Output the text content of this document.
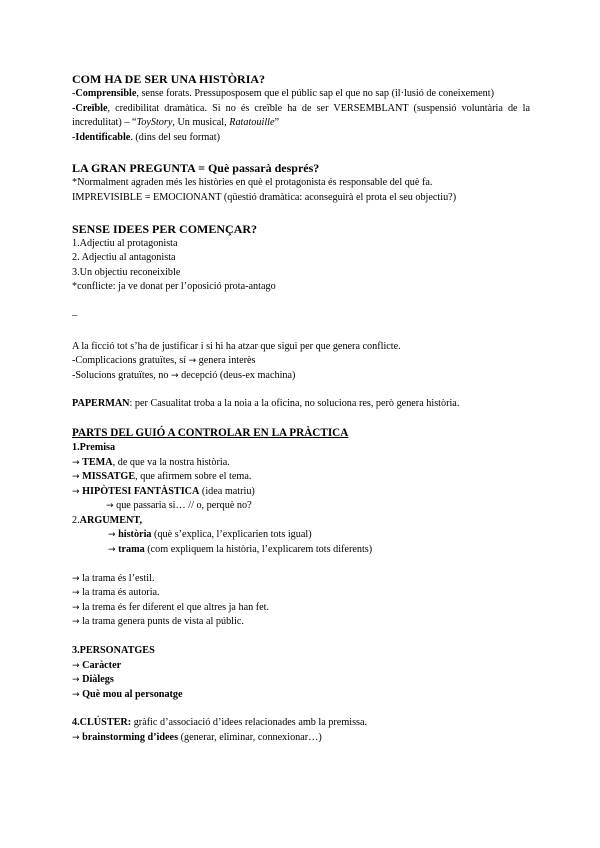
COM HA DE SER UNA HISTÒRIA?

-Comprensible, sense forats. Pressuposposem que el públic sap el que no sap (il·lusió de coneixement)

-Creïble, credibilitat dramàtica. Si no és creïble ha de ser VERSEMBLANT (suspensió voluntària de la incredulitat) – “ToyStory, Un musical, Ratatouille”

-Identificable. (dins del seu format)

LA GRAN PREGUNTA = Què passarà després?

*Normalment agraden més les històries en què el protagonista és responsable del què fa.

IMPREVISIBLE = EMOCIONANT (qüestió dramàtica: aconseguirà el prota el seu objectiu?)

SENSE IDEES PER COMENÇAR?

1.Adjectiu al protagonista

2. Adjectiu al antagonista

3.Un objectiu reconeixible

*conflicte: ja ve donat per l’oposició prota-antago

–

A la ficció tot s’ha de justificar i si hi ha atzar que sigui per que genera conflicte.

-Complicacions gratuïtes, sí → genera interès

-Solucions gratuïtes, no → decepció (deus-ex machina)

PAPERMAN: per Casualitat troba a la noia a la oficina, no soluciona res, però genera història.

PARTS DEL GUIÓ A CONTROLAR EN LA PRÀCTICA

1.Premisa

→ TEMA, de que va la nostra història.

→ MISSATGE, que afirmem sobre el tema.

→ HIPÒTESI FANTÀSTICA (idea matriu)

→ que passaria si… // o, perquè no?

2.ARGUMENT,

→ història (què s’explica, l’explicarien tots igual)

→ trama (com expliquem la història, l’explicarem tots diferents)

→ la trama és l’estil.

→ la trama és autoria.

→ la trema és fer diferent el que altres ja han fet.

→ la trama genera punts de vista al públic.

3.PERSONATGES

→ Caràcter

→ Diàlegs

→ Què mou al personatge

4.CLÚSTER: gràfic d’associació d’idees relacionades amb la premissa.

→ brainstorming d’idees (generar, eliminar, connexionar…)
